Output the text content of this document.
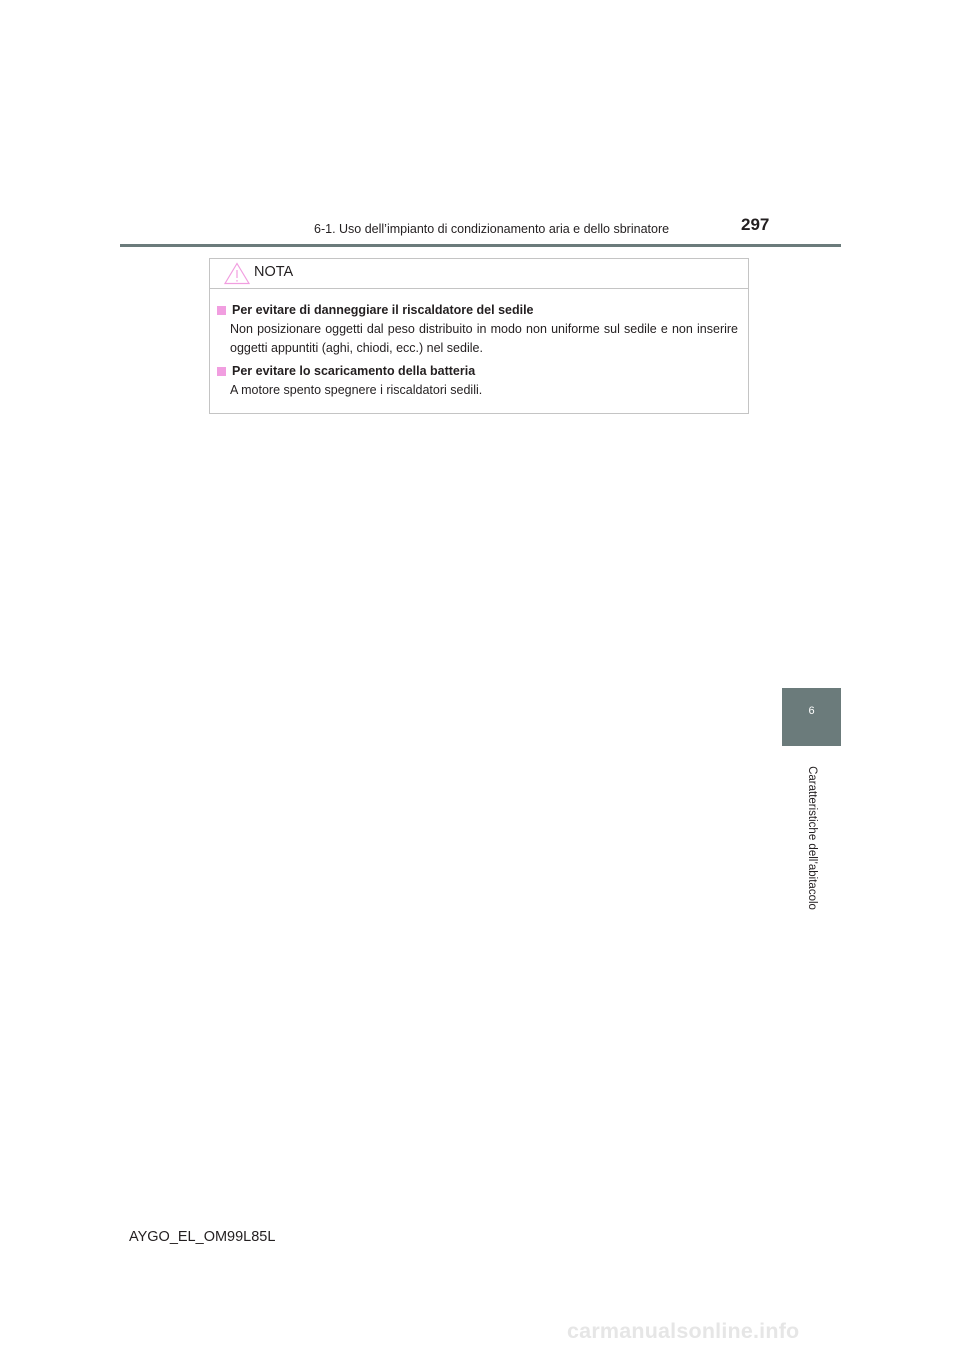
6-1. Uso dell’impianto di condizionamento aria e dello sbrinatore	297
NOTA
Per evitare di danneggiare il riscaldatore del sedile
Non posizionare oggetti dal peso distribuito in modo non uniforme sul sedile e non inserire oggetti appuntiti (aghi, chiodi, ecc.) nel sedile.
Per evitare lo scaricamento della batteria
A motore spento spegnere i riscaldatori sedili.
6
Caratteristiche dell’abitacolo
AYGO_EL_OM99L85L
carmanualsonline.info
